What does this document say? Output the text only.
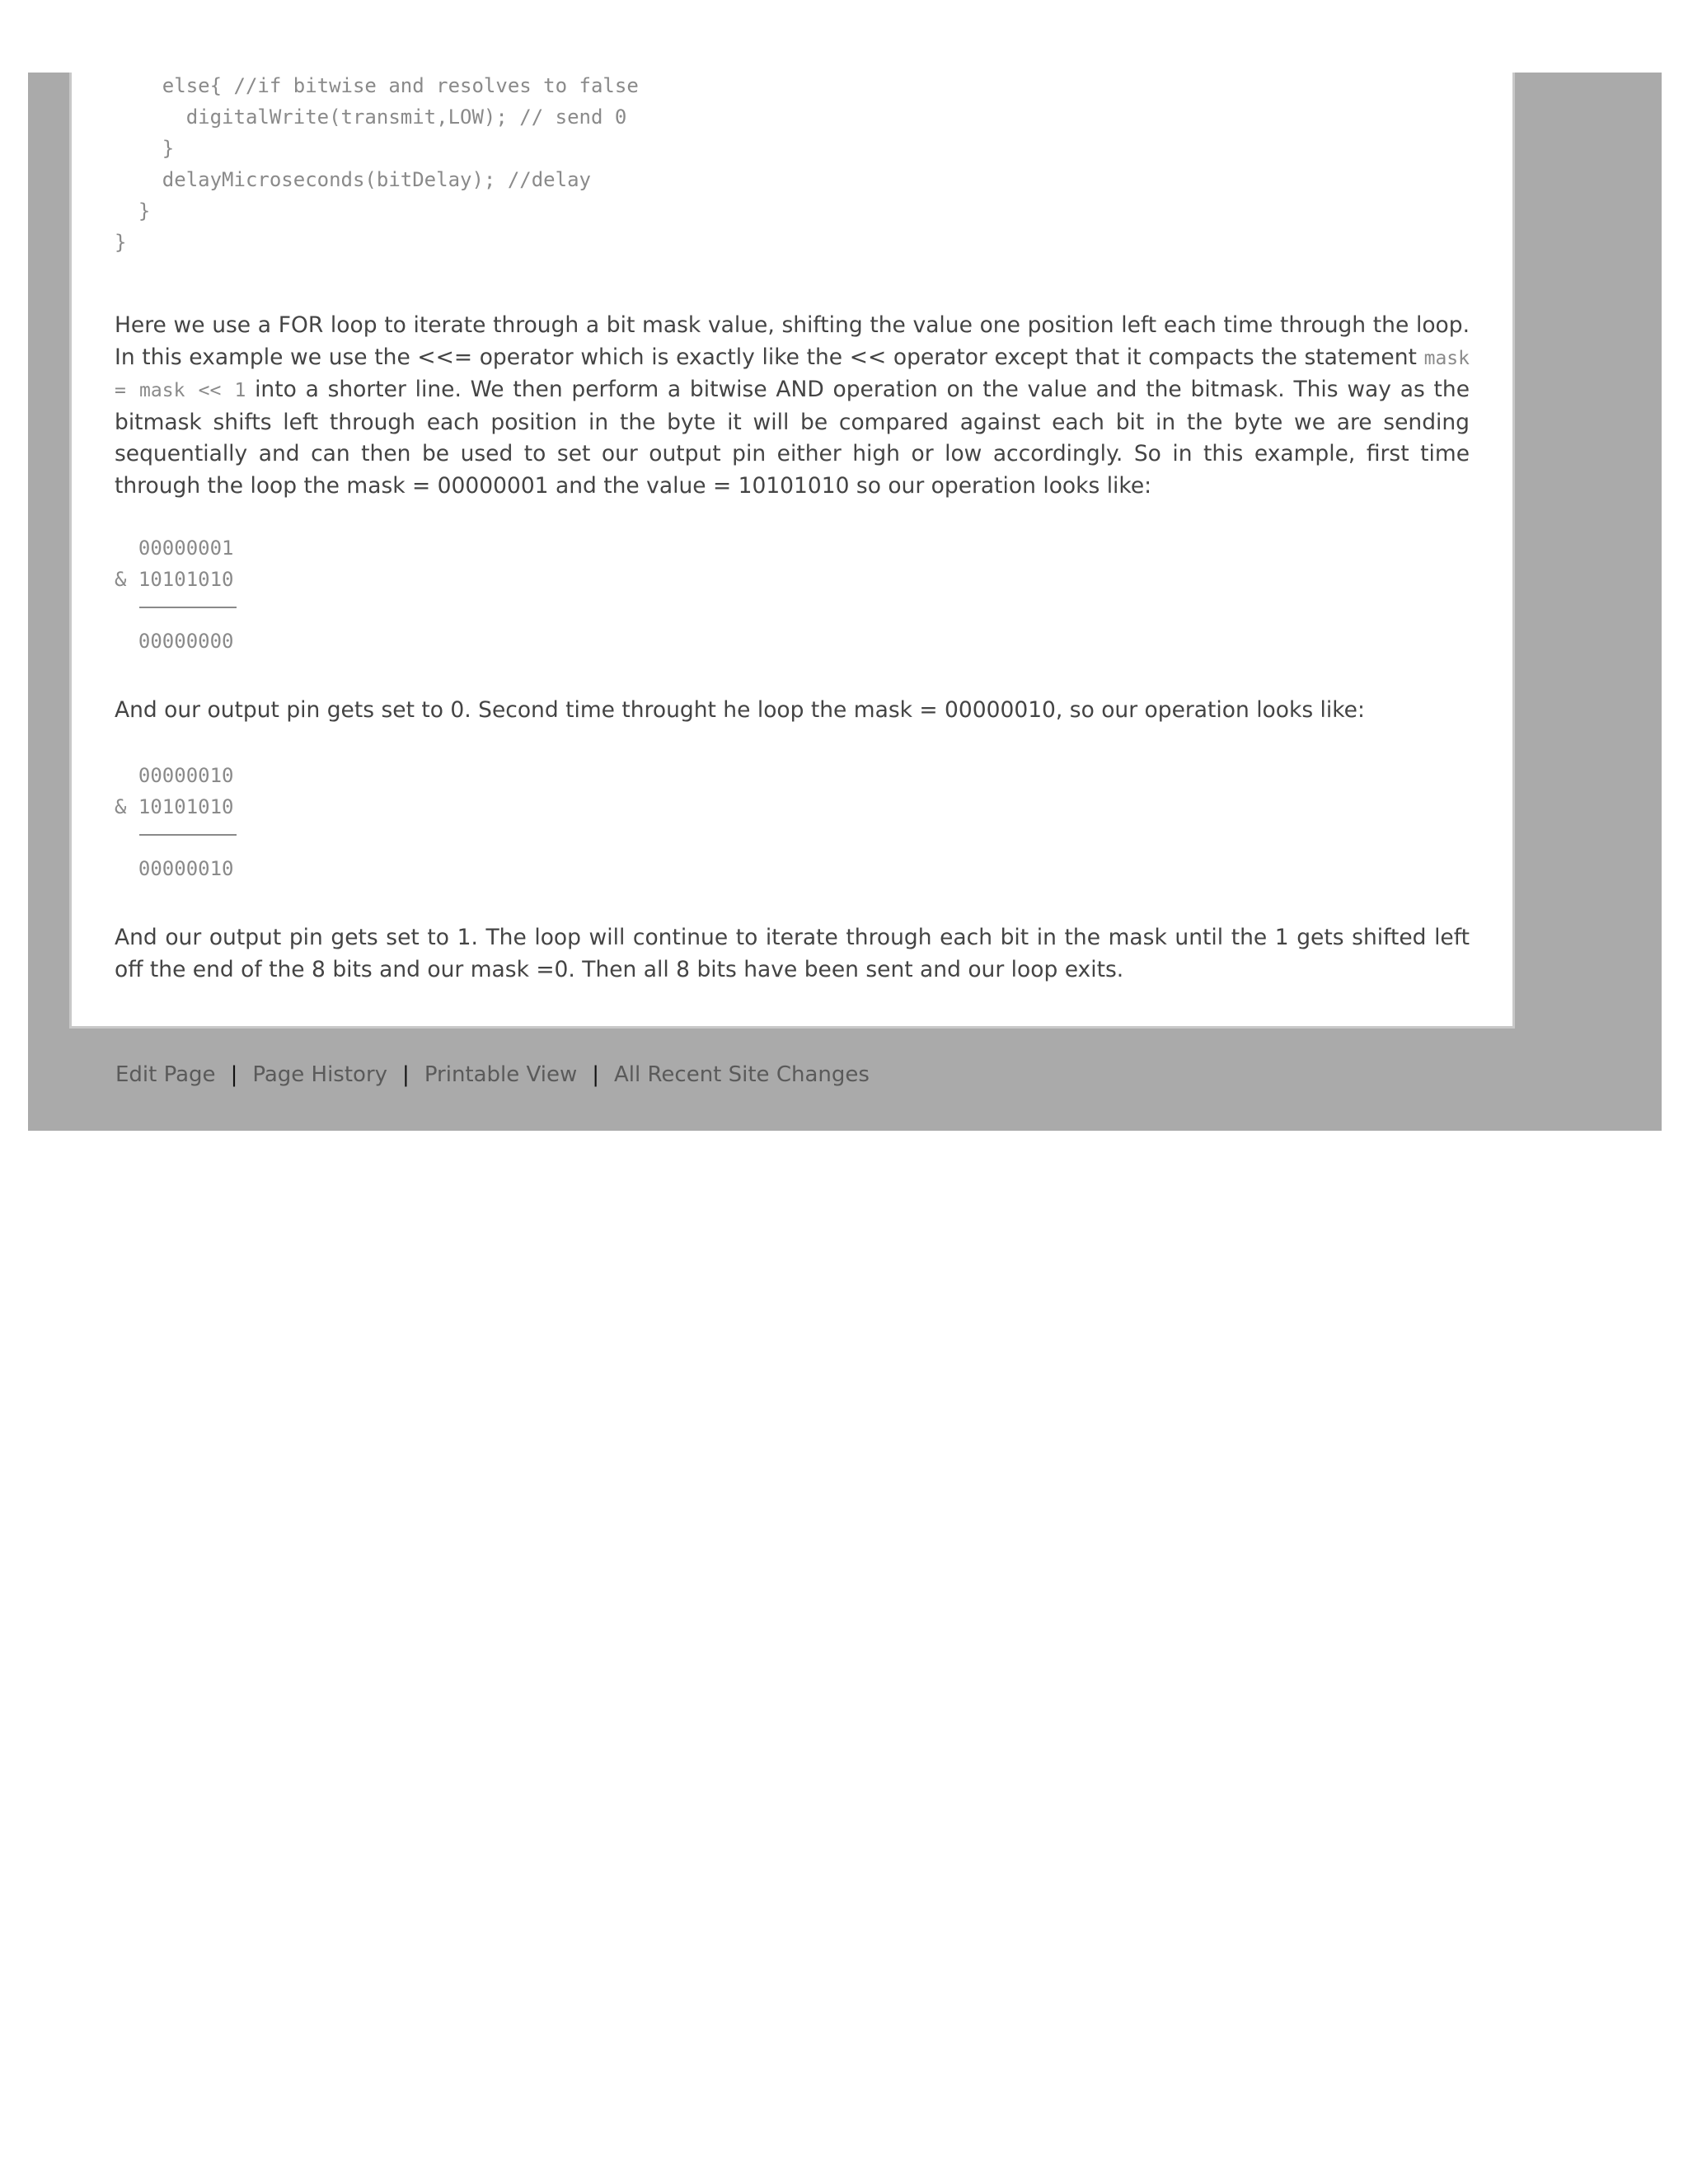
else{ //if bitwise and resolves to false
digitalWrite(transmit,LOW); // send 0
}
delayMicroseconds(bitDelay); //delay
}
}

Here we use a FOR loop to iterate through a bit mask value, shifting the value one position left each time through the loop. In this example we use the <<= operator which is exactly like the << operator except that it compacts the statement mask = mask << 1 into a shorter line. We then perform a bitwise AND operation on the value and the bitmask. This way as the bitmask shifts left through each position in the byte it will be compared against each bit in the byte we are sending sequentially and can then be used to set our output pin either high or low accordingly. So in this example, first time through the loop the mask = 00000001 and the value = 10101010 so our operation looks like:

00000001
& 10101010
00000000

And our output pin gets set to 0. Second time throught he loop the mask = 00000010, so our operation looks like:

00000010
& 10101010
00000010

And our output pin gets set to 1. The loop will continue to iterate through each bit in the mask until the 1 gets shifted left off the end of the 8 bits and our mask =0. Then all 8 bits have been sent and our loop exits.

Edit Page | Page History | Printable View | All Recent Site Changes
